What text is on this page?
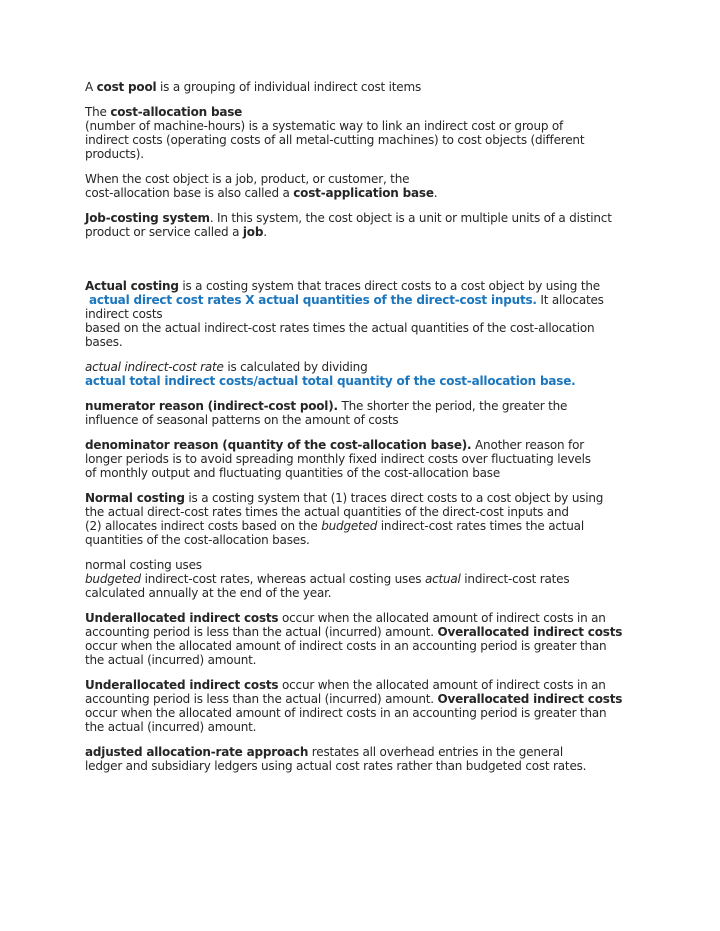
A cost pool is a grouping of individual indirect cost items
The cost-allocation base
(number of machine-hours) is a systematic way to link an indirect cost or group of
indirect costs (operating costs of all metal-cutting machines) to cost objects (different
products).
When the cost object is a job, product, or customer, the
cost-allocation base is also called a cost-application base.
Job-costing system. In this system, the cost object is a unit or multiple units of a distinct
product or service called a job.
Actual costing is a costing system that traces direct costs to a cost object by using the
actual direct cost rates X actual quantities of the direct-cost inputs. It allocates
indirect costs
based on the actual indirect-cost rates times the actual quantities of the cost-allocation
bases.
actual indirect-cost rate is calculated by dividing
actual total indirect costs/actual total quantity of the cost-allocation base.
numerator reason (indirect-cost pool). The shorter the period, the greater the
influence of seasonal patterns on the amount of costs
denominator reason (quantity of the cost-allocation base). Another reason for
longer periods is to avoid spreading monthly fixed indirect costs over fluctuating levels
of monthly output and fluctuating quantities of the cost-allocation base
Normal costing is a costing system that (1) traces direct costs to a cost object by using
the actual direct-cost rates times the actual quantities of the direct-cost inputs and
(2) allocates indirect costs based on the budgeted indirect-cost rates times the actual
quantities of the cost-allocation bases.
normal costing uses
budgeted indirect-cost rates, whereas actual costing uses actual indirect-cost rates
calculated annually at the end of the year.
Underallocated indirect costs occur when the allocated amount of indirect costs in an
accounting period is less than the actual (incurred) amount. Overallocated indirect costs
occur when the allocated amount of indirect costs in an accounting period is greater than
the actual (incurred) amount.
Underallocated indirect costs occur when the allocated amount of indirect costs in an
accounting period is less than the actual (incurred) amount. Overallocated indirect costs
occur when the allocated amount of indirect costs in an accounting period is greater than
the actual (incurred) amount.
adjusted allocation-rate approach restates all overhead entries in the general
ledger and subsidiary ledgers using actual cost rates rather than budgeted cost rates.
